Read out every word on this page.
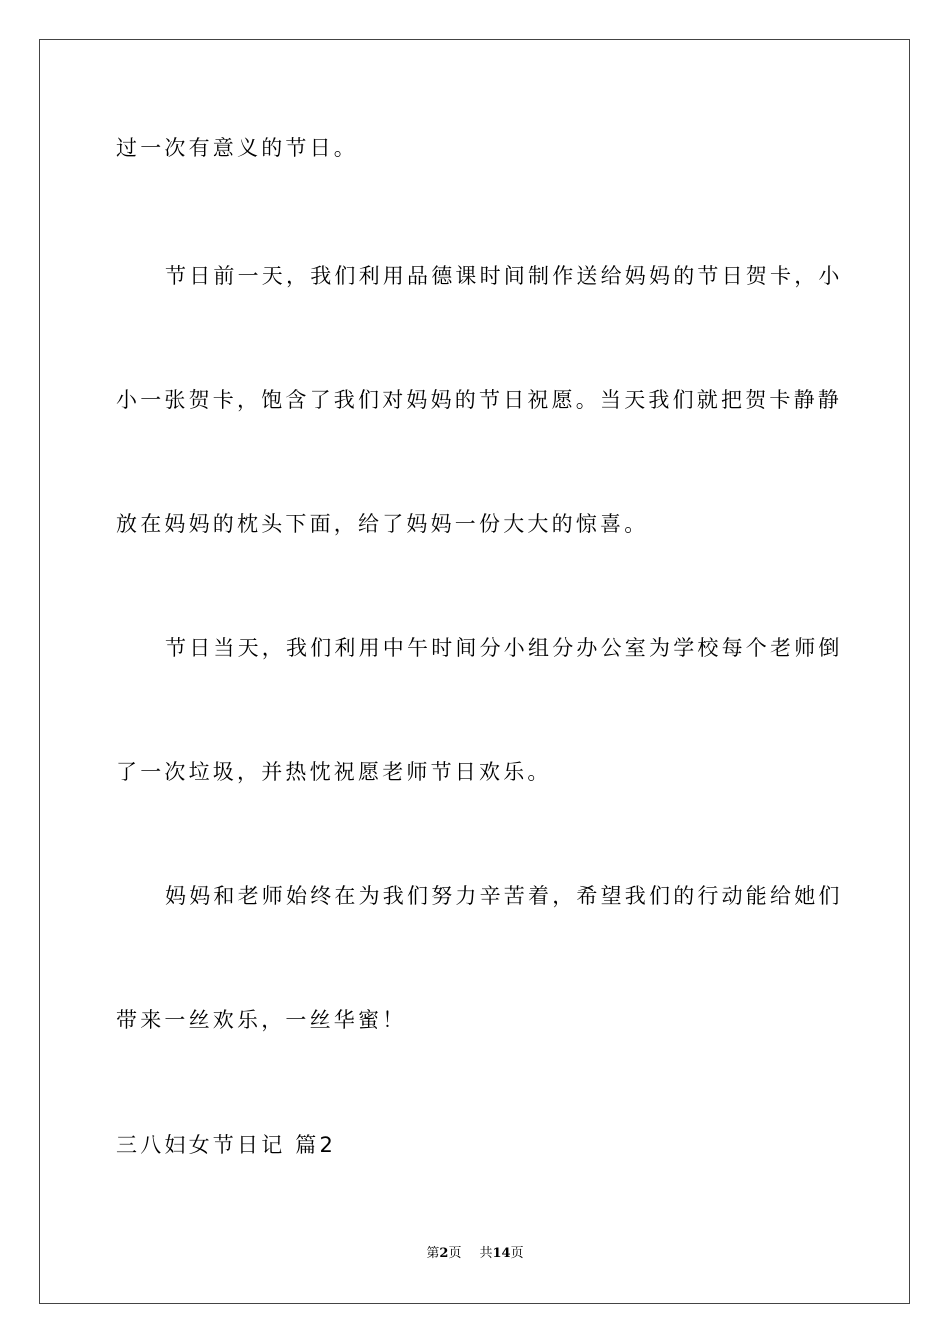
过一次有意义的节日。
节日前一天，我们利用品德课时间制作送给妈妈的节日贺卡，小
小一张贺卡，饱含了我们对妈妈的节日祝愿。当天我们就把贺卡静静
放在妈妈的枕头下面，给了妈妈一份大大的惊喜。
节日当天，我们利用中午时间分小组分办公室为学校每个老师倒
了一次垃圾，并热忱祝愿老师节日欢乐。
妈妈和老师始终在为我们努力辛苦着，希望我们的行动能给她们
带来一丝欢乐，一丝华蜜！
三八妇女节日记 篇2
第2页 共14页
